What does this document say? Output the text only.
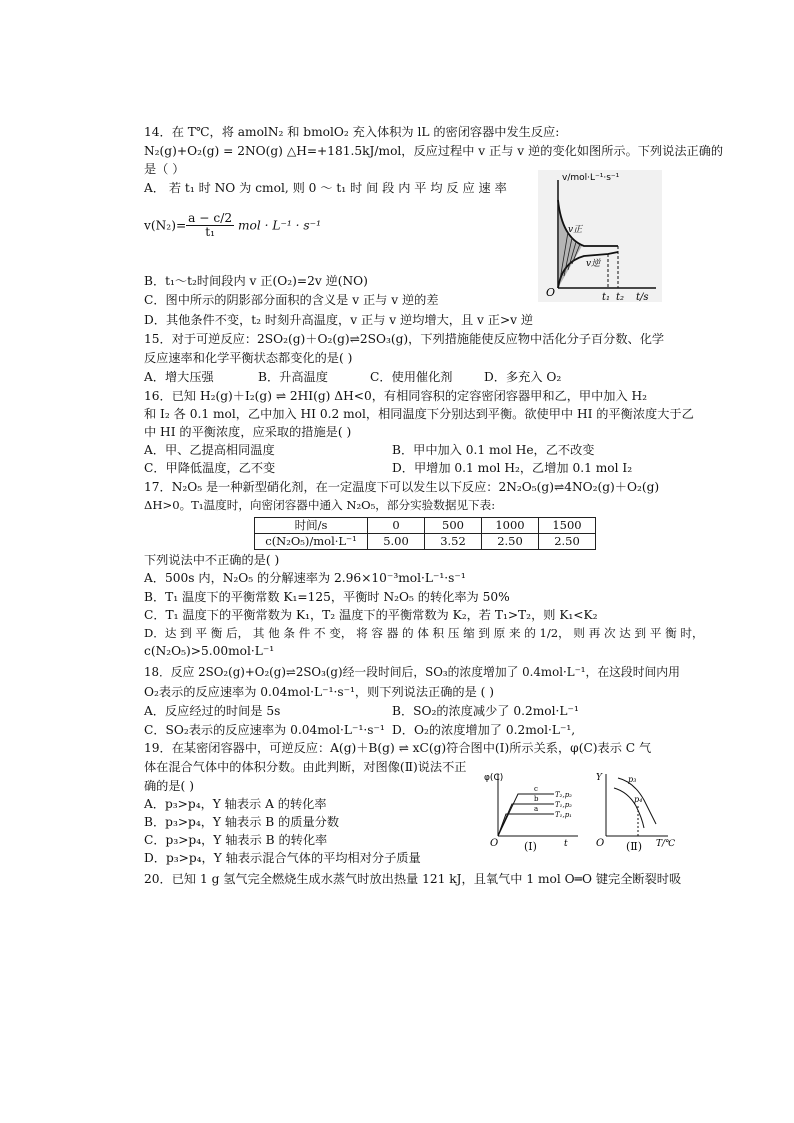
14．在 T℃，将 amolN₂ 和 bmolO₂ 充入体积为 lL 的密闭容器中发生反应:
N₂(g)+O₂(g) = 2NO(g) △H=+181.5kJ/mol，反应过程中 v 正与 v 逆的变化如图所示。下列说法正确的
是（ ）
A． 若 t₁ 时 NO 为 cmol, 则 0 ～ t₁ 时 间 段 内 平 均 反 应 速 率
$v(N_2)= \frac{a - c/2}{\text{t₁}}$ mol · L⁻¹ · s⁻¹
B．t₁～t₂时间段内 v 正(O₂)=2v 逆(NO)
C．图中所示的阴影部分面积的含义是 v 正与 v 逆的差
D．其他条件不变，t₂ 时刻升高温度，v 正与 v 逆均增大，且 v 正>v 逆
v/mol·L⁻¹·s⁻¹
v正
v逆
O	t₁ t₂ t/s
15．对于可逆反应：2SO₂(g)＋O₂(g)⇌2SO₃(g)，下列措施能使反应物中活化分子百分数、化学
反应速率和化学平衡状态都变化的是( )
A．增大压强	B．升高温度	C．使用催化剂	D．多充入 O₂
16．已知 H₂(g)＋I₂(g) ⇌ 2HI(g) ΔH<0，有相同容积的定容密闭容器甲和乙，甲中加入 H₂
和 I₂ 各 0.1 mol，乙中加入 HI 0.2 mol，相同温度下分别达到平衡。欲使甲中 HI 的平衡浓度大于乙
中 HI 的平衡浓度，应采取的措施是( )
A．甲、乙提高相同温度	B．甲中加入 0.1 mol He，乙不改变
C．甲降低温度，乙不变	D．甲增加 0.1 mol H₂，乙增加 0.1 mol I₂
17．N₂O₅ 是一种新型硝化剂，在一定温度下可以发生以下反应：2N₂O₅(g)⇌4NO₂(g)＋O₂(g)
ΔH>0。T₁温度时，向密闭容器中通入 N₂O₅，部分实验数据见下表:
时间/s	0	500	1000	1500
c(N₂O₅)/mol·L⁻¹	5.00	3.52	2.50	2.50
下列说法中不正确的是( )
A．500s 内，N₂O₅ 的分解速率为 2.96×10⁻³mol·L⁻¹·s⁻¹
B．T₁ 温度下的平衡常数 K₁=125，平衡时 N₂O₅ 的转化率为 50%
C．T₁ 温度下的平衡常数为 K₁，T₂ 温度下的平衡常数为 K₂，若 T₁>T₂，则 K₁<K₂
D．达 到 平 衡 后， 其 他 条 件 不 变， 将 容 器 的 体 积 压 缩 到 原 来 的 1/2， 则 再 次 达 到 平 衡 时，
c(N₂O₅)>5.00mol·L⁻¹
18．反应 2SO₂(g)+O₂(g)⇌2SO₃(g)经一段时间后，SO₃的浓度增加了 0.4mol·L⁻¹，在这段时间内用
O₂表示的反应速率为 0.04mol·L⁻¹·s⁻¹，则下列说法正确的是 ( )
A．反应经过的时间是 5s	B．SO₂的浓度减少了 0.2mol·L⁻¹
C．SO₂表示的反应速率为 0.04mol·L⁻¹·s⁻¹ D．O₂的浓度增加了 0.2mol·L⁻¹,
19．在某密闭容器中，可逆反应：A(g)＋B(g) ⇌ xC(g)符合图中(Ⅰ)所示关系，φ(C)表示 C 气
体在混合气体中的体积分数。由此判断，对图像(Ⅱ)说法不正
确的是( )
A．p₃>p₄，Y 轴表示 A 的转化率
B．p₃>p₄，Y 轴表示 B 的质量分数
C．p₃>p₄，Y 轴表示 B 的转化率
D．p₃>p₄，Y 轴表示混合气体的平均相对分子质量
φ(C)
c
b
a
T₂,p₂
T₁,p₂
T₁,p₁
O	t
(Ⅰ)
Y	p₃
p₄
O	T/℃
(Ⅱ)
20．已知 1 g 氢气完全燃烧生成水蒸气时放出热量 121 kJ，且氧气中 1 mol O═O 键完全断裂时吸
